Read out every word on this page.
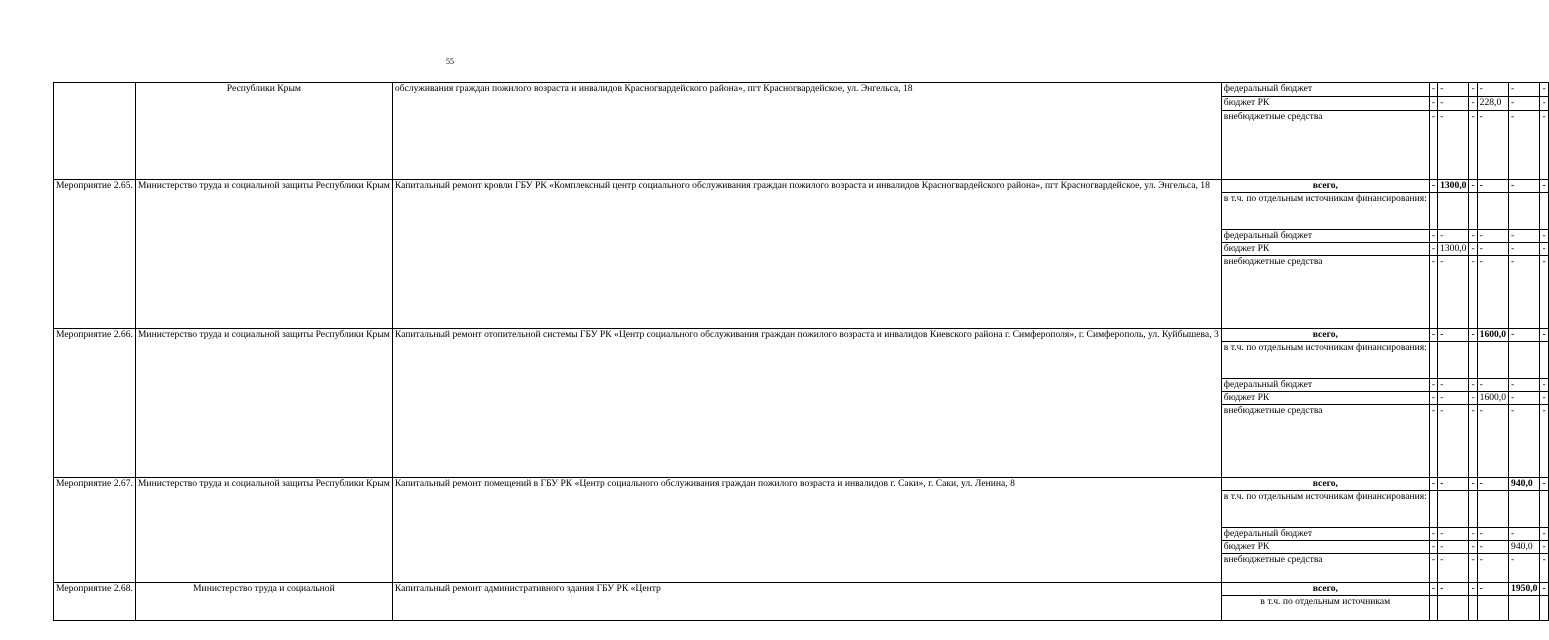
55
	Республики Крым	обслуживания граждан пожилого возраста и инвалидов Красногвардейского района», пгт Красногвардейское, ул. Энгельса, 18	федеральный бюджет	-	-	-	-	-	-
			бюджет РК	-	-	-	228,0	-	-
			внебюджетные средства	-	-	-	-	-	-
Мероприятие 2.65.	Министерство труда и социальной защиты Республики Крым	Капитальный ремонт кровли ГБУ РК «Комплексный центр социального обслуживания граждан пожилого возраста и инвалидов Красногвардейского района», пгт Красногвардейское, ул. Энгельса, 18	всего,	-	1300,0	-	-	-	-
			в т.ч. по отдельным источникам финансирования:						
			федеральный бюджет	-	-	-	-	-	-
			бюджет РК	-	1300,0	-	-	-	-
			внебюджетные средства	-	-	-	-	-	-
Мероприятие 2.66.	Министерство труда и социальной защиты Республики Крым	Капитальный ремонт отопительной системы ГБУ РК «Центр социального обслуживания граждан пожилого возраста и инвалидов Киевского района г. Симферополя», г. Симферополь, ул. Куйбышева, 3	всего,	-	-	-	1600,0	-	-
			в т.ч. по отдельным источникам финансирования:						
			федеральный бюджет	-	-	-	-	-	-
			бюджет РК	-	-	-	1600,0	-	-
			внебюджетные средства	-	-	-	-	-	-
Мероприятие 2.67.	Министерство труда и социальной защиты Республики Крым	Капитальный ремонт помещений в ГБУ РК «Центр социального обслуживания граждан пожилого возраста и инвалидов г. Саки», г. Саки, ул. Ленина, 8	всего,	-	-	-	-	940,0	-
			в т.ч. по отдельным источникам финансирования:						
			федеральный бюджет	-	-	-	-	-	-
			бюджет РК	-	-	-	-	940,0	-
			внебюджетные средства	-	-	-	-	-	-
Мероприятие 2.68.	Министерство труда и социальной	Капитальный ремонт административного здания ГБУ РК «Центр	всего,	-	-	-	-	1950,0	-
			в т.ч. по отдельным источникам						
